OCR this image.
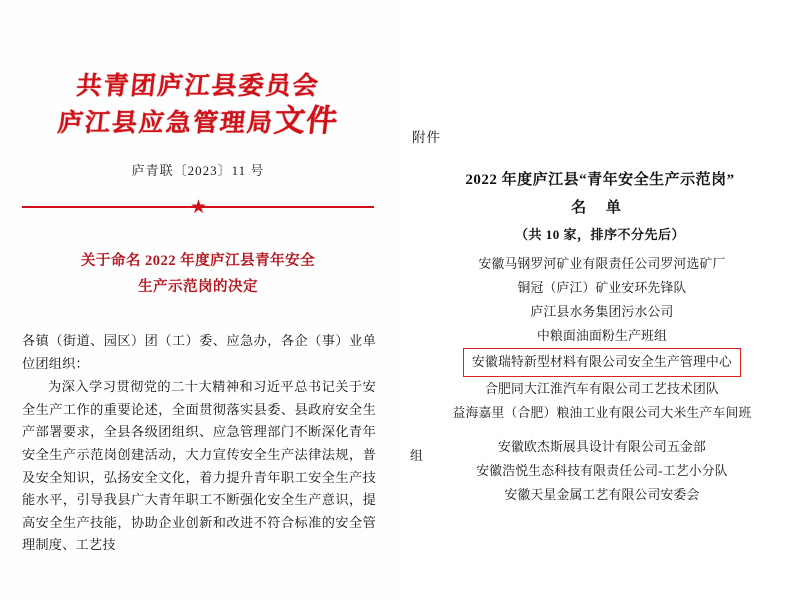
共青团庐江县委员会
庐江县应急管理局文件
庐青联〔2023〕11 号
关于命名 2022 年度庐江县青年安全
生产示范岗的决定

各镇（街道、园区）团（工）委、应急办，各企（事）业单位团组织：

为深入学习贯彻党的二十大精神和习近平总书记关于安全生产工作的重要论述，全面贯彻落实县委、县政府安全生产部署要求，全县各级团组织、应急管理部门不断深化青年安全生产示范岗创建活动，大力宣传安全生产法律法规，普及安全知识，弘扬安全文化，着力提升青年职工安全生产技能水平，引导我县广大青年职工不断强化安全生产意识，提高安全生产技能，协助企业创新和改进不符合标准的安全管理制度、工艺技

附件
2022 年度庐江县“青年安全生产示范岗”
名 单
（共 10 家，排序不分先后）
安徽马钢罗河矿业有限责任公司罗河选矿厂
铜冠（庐江）矿业安环先锋队
庐江县水务集团污水公司
中粮面油面粉生产班组
安徽瑞特新型材料有限公司安全生产管理中心
合肥同大江淮汽车有限公司工艺技术团队
益海嘉里（合肥）粮油工业有限公司大米生产车间班
安徽欧杰斯展具设计有限公司五金部
安徽浩悦生态科技有限责任公司-工艺小分队
安徽天星金属工艺有限公司安委会
组
